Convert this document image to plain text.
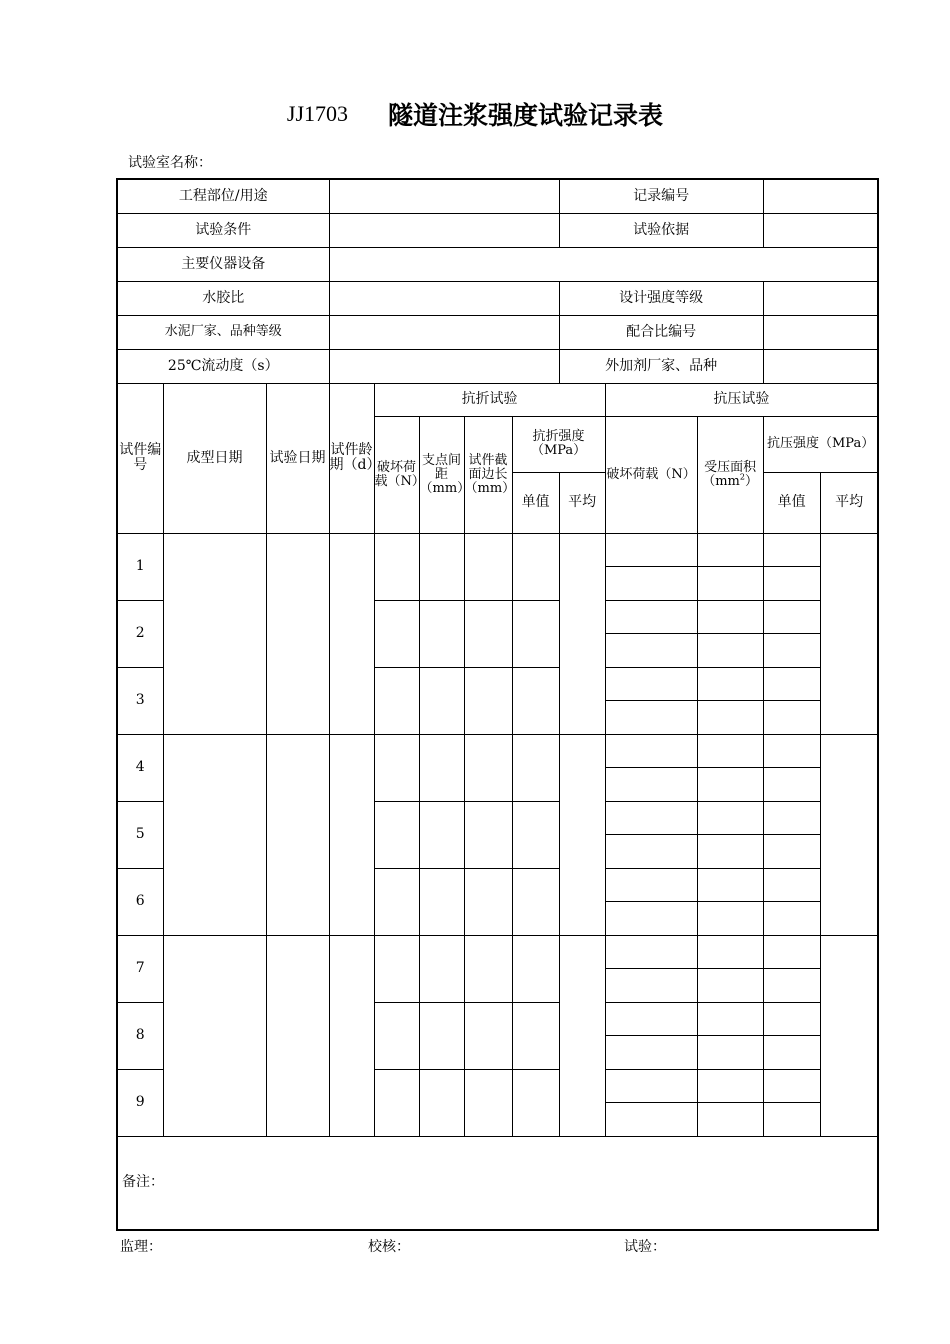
JJ1703 隧道注浆强度试验记录表
试验室名称：
工程部位/用途								记录编号				
试验条件								试验依据				
主要仪器设备												
水胶比								设计强度等级				
水泥厂家、品种等级								配合比编号				
25℃流动度（s）								外加剂厂家、品种				
试件编号	成型日期	试验日期	试件龄期（d）	抗折试验					抗压试验			
				破坏荷载（N）	支点间距（mm）	试件截面边长（mm）	抗折强度（MPa）		破坏荷载（N）	受压面积$(mm^2)$	抗压强度（MPa）	
							单值	平均			单值	平均
1												

2												

3												

4												

5												

6												

7												

8												

9												

备注：												
监理：	校核：	试验：
